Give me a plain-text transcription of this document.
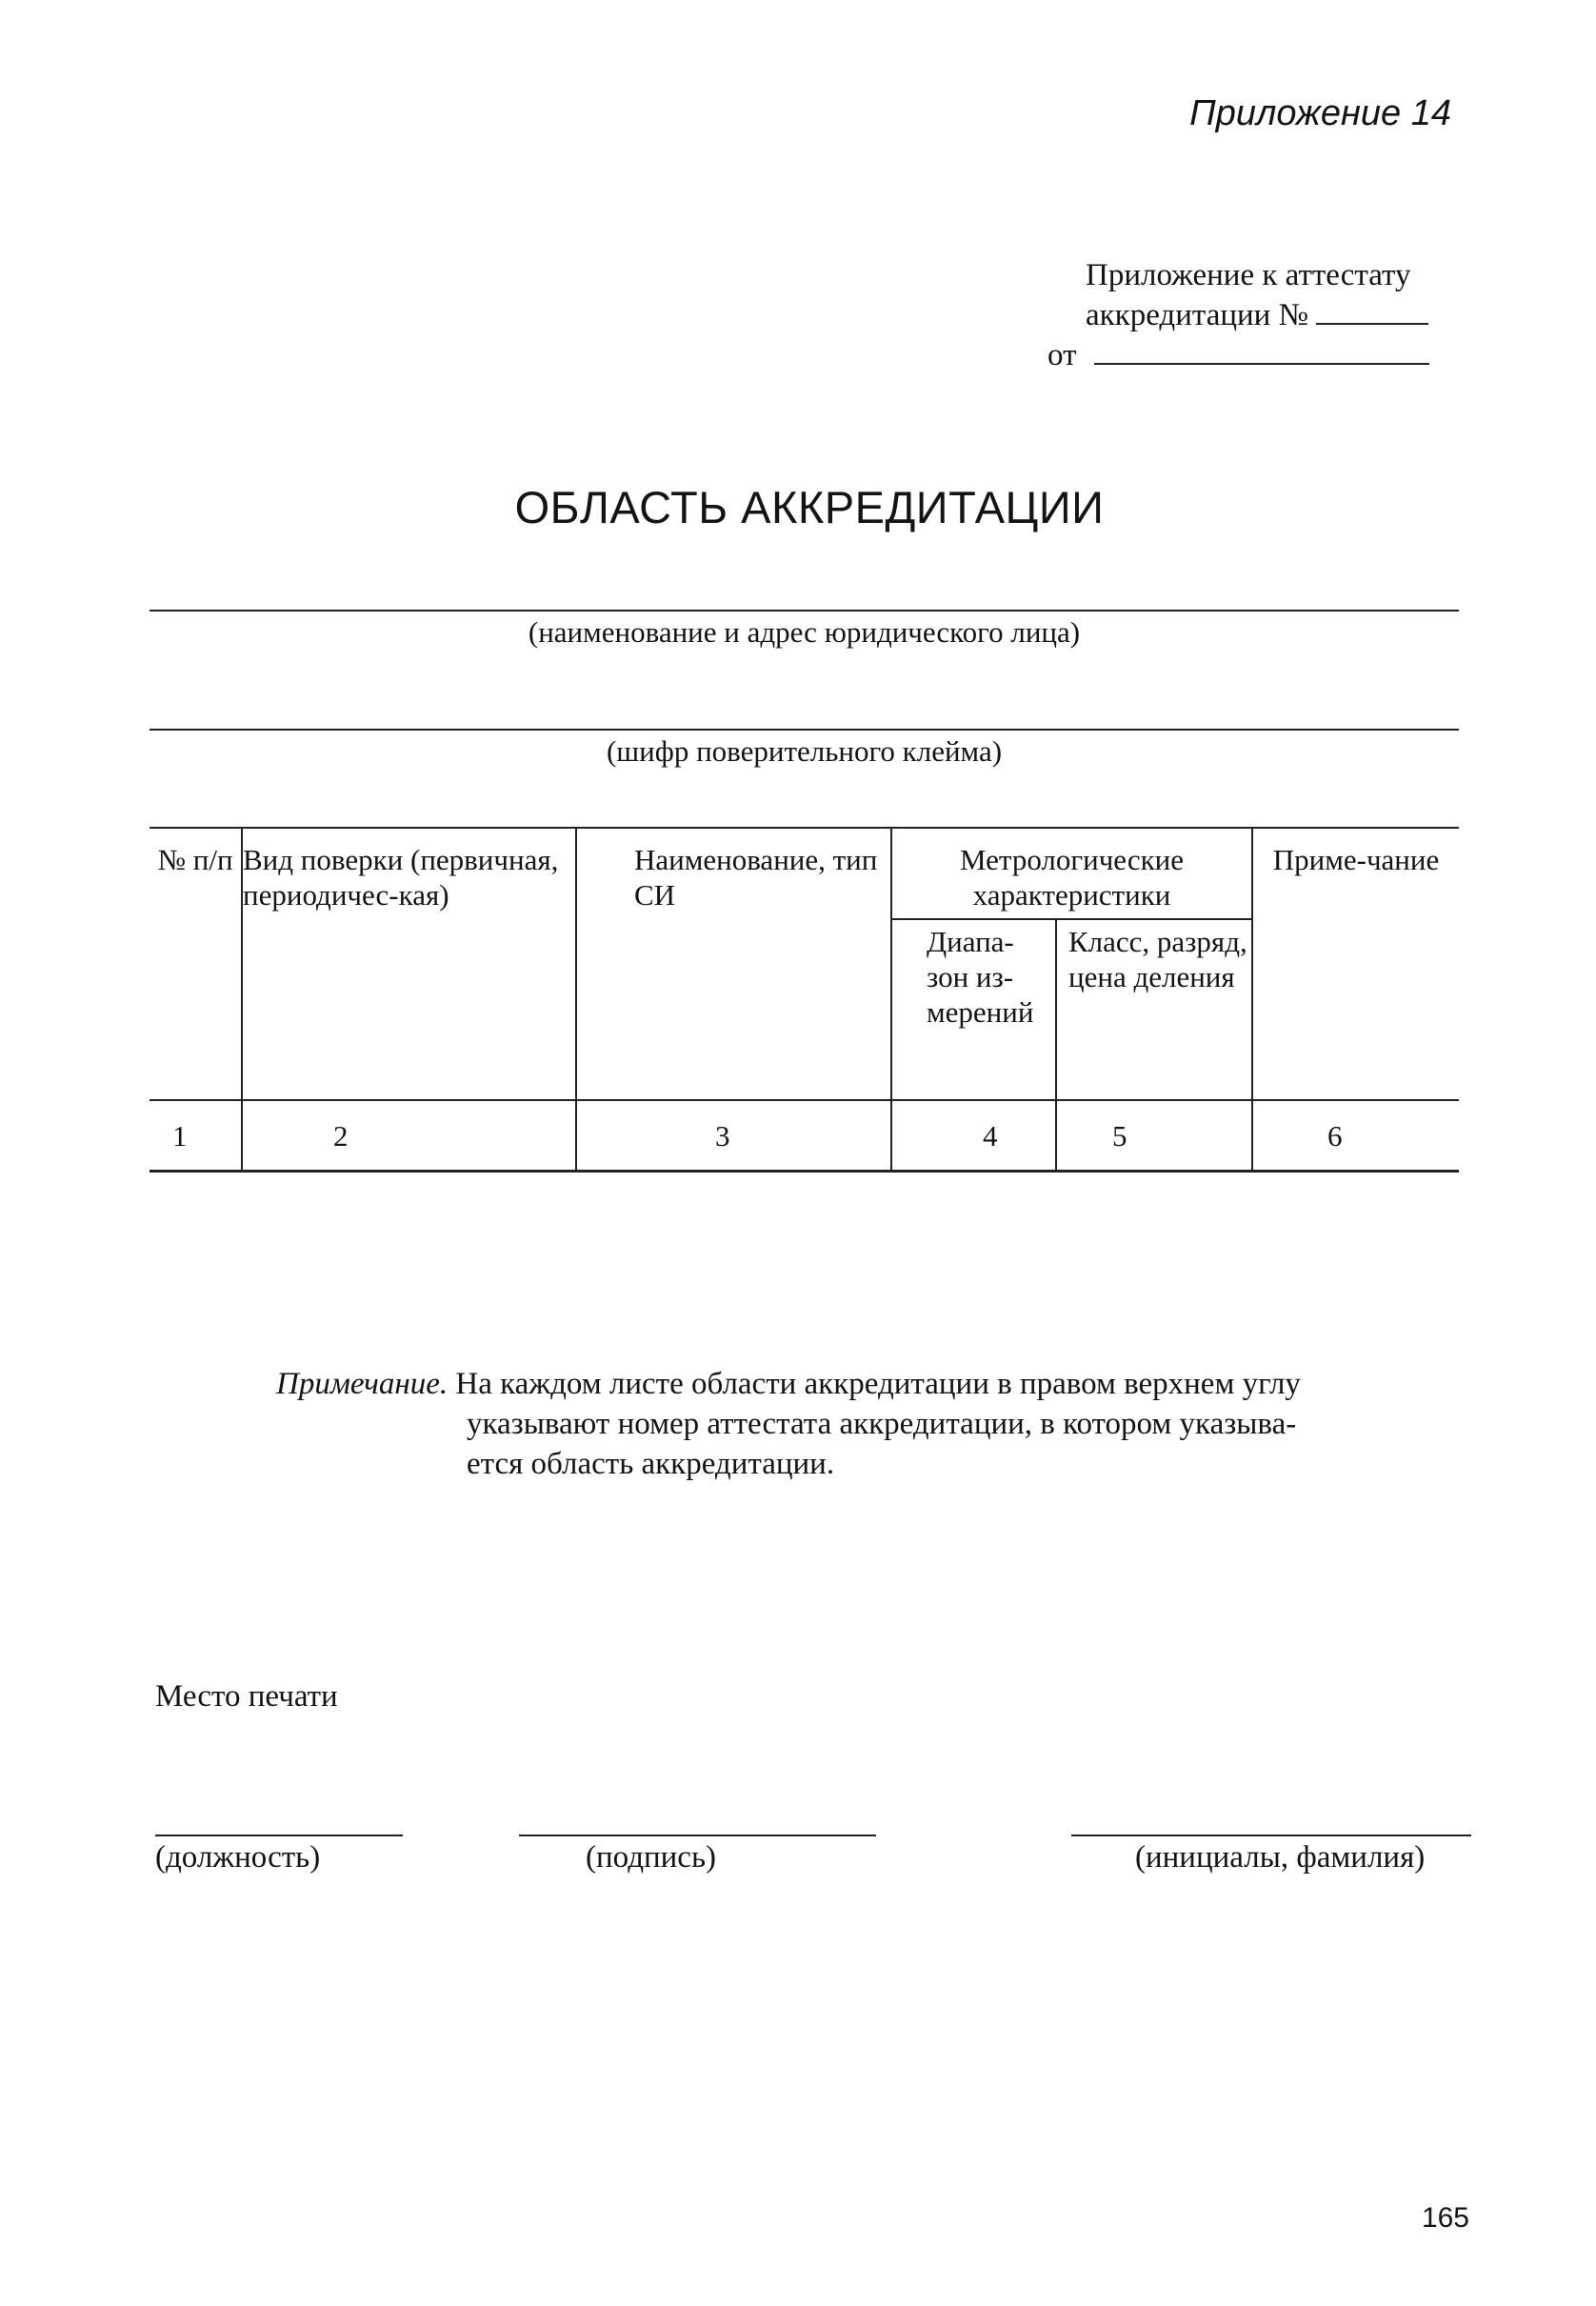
Приложение 14
Приложение к аттестату
аккредитации №
от
ОБЛАСТЬ АККРЕДИТАЦИИ
(наименование и адрес юридического лица)
(шифр поверительного клейма)
№ п/п	Вид поверки (первичная, периодичес-кая)	Наименование, тип СИ	Метрологические характеристики		Приме-чание
			Диапа-зон из-мерений	Класс, разряд, цена деления	
1	2	3	4	5	6
Примечание. На каждом листе области аккредитации в правом верхнем углу
указывают номер аттестата аккредитации, в котором указыва-
ется область аккредитации.
Место печати
(должность)	(подпись)	(инициалы, фамилия)
165
